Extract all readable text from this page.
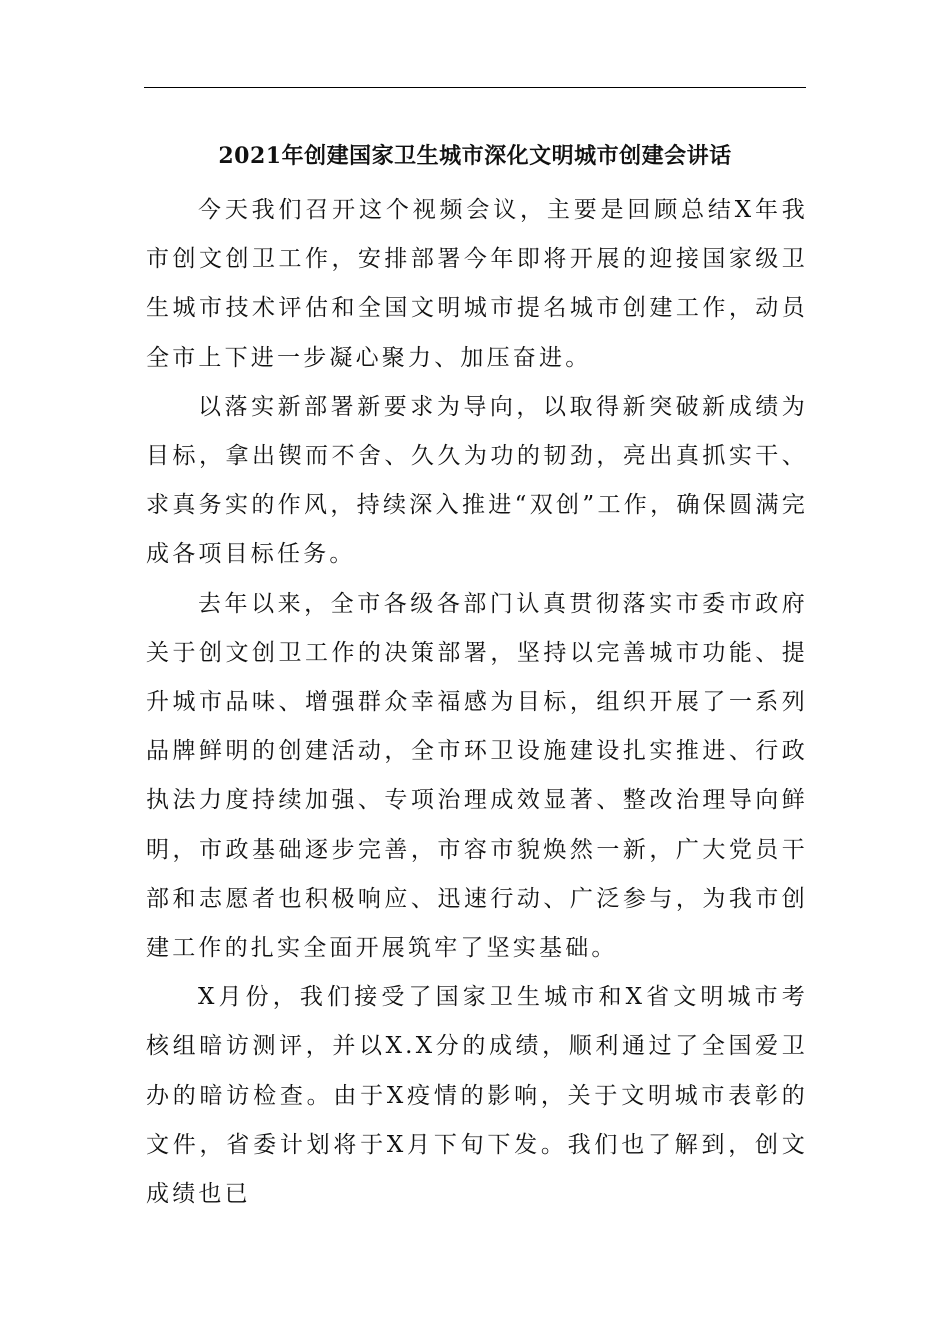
2021年创建国家卫生城市深化文明城市创建会讲话

今天我们召开这个视频会议，主要是回顾总结X年我市创文创卫工作，安排部署今年即将开展的迎接国家级卫生城市技术评估和全国文明城市提名城市创建工作，动员全市上下进一步凝心聚力、加压奋进。

以落实新部署新要求为导向，以取得新突破新成绩为目标，拿出锲而不舍、久久为功的韧劲，亮出真抓实干、求真务实的作风，持续深入推进“双创”工作，确保圆满完成各项目标任务。

去年以来，全市各级各部门认真贯彻落实市委市政府关于创文创卫工作的决策部署，坚持以完善城市功能、提升城市品味、增强群众幸福感为目标，组织开展了一系列品牌鲜明的创建活动，全市环卫设施建设扎实推进、行政执法力度持续加强、专项治理成效显著、整改治理导向鲜明，市政基础逐步完善，市容市貌焕然一新，广大党员干部和志愿者也积极响应、迅速行动、广泛参与，为我市创建工作的扎实全面开展筑牢了坚实基础。

X月份，我们接受了国家卫生城市和X省文明城市考核组暗访测评，并以X.X分的成绩，顺利通过了全国爱卫办的暗访检查。由于X疫情的影响，关于文明城市表彰的文件，省委计划将于X月下旬下发。我们也了解到，创文成绩也已
